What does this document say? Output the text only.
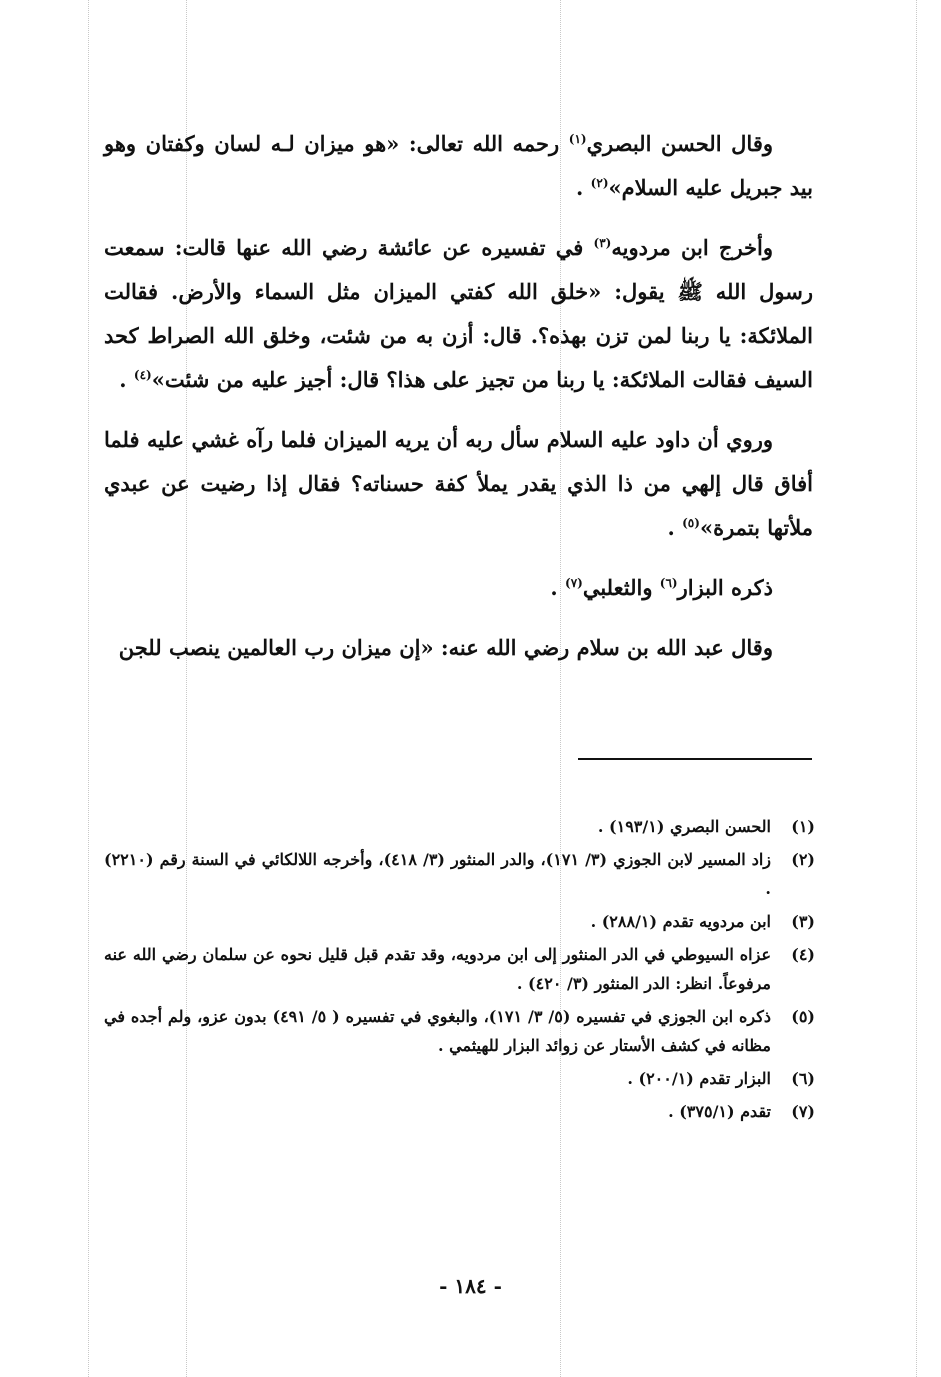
وقال الحسن البصري$^{(١)}$ رحمه الله تعالى: «هو ميزان لـه لسان وكفتان وهو بيد جبريل عليه السلام»$^{(٢)}$ .

وأخرج ابن مردويه$^{(٣)}$ في تفسيره عن عائشة رضي الله عنها قالت: سمعت رسول الله ﷺ يقول: «خلق الله كفتي الميزان مثل السماء والأرض. فقالت الملائكة: يا ربنا لمن تزن بهذه؟. قال: أزن به من شئت، وخلق الله الصراط كحد السيف فقالت الملائكة: يا ربنا من تجيز على هذا؟ قال: أجيز عليه من شئت»$^{(٤)}$ .

وروي أن داود عليه السلام سأل ربه أن يريه الميزان فلما رآه غشي عليه فلما أفاق قال إلهي من ذا الذي يقدر يملأ كفة حسناته؟ فقال إذا رضيت عن عبدي ملأتها بتمرة»$^{(٥)}$ .

ذكره البزار$^{(٦)}$ والثعلبي$^{(٧)}$ .

وقال عبد الله بن سلام رضي الله عنه: «إن ميزان رب العالمين ينصب للجن

(١)
الحسن البصري (١٩٣/١) .
(٢)
زاد المسير لابن الجوزي (٣/ ١٧١)، والدر المنثور (٣/ ٤١٨)، وأخرجه اللالكائي في السنة رقم (٢٢١٠) .
(٣)
ابن مردويه تقدم (٢٨٨/١) .
(٤)
عزاه السيوطي في الدر المنثور إلى ابن مردويه، وقد تقدم قبل قليل نحوه عن سلمان رضي الله عنه مرفوعاً. انظر: الدر المنثور (٣/ ٤٢٠) .
(٥)
ذكره ابن الجوزي في تفسيره (٥/ ٣/ ١٧١)، والبغوي في تفسيره ( ٥/ ٤٩١) بدون عزو، ولم أجده في مظانه في كشف الأستار عن زوائد البزار للهيثمي .
(٦)
البزار تقدم (٢٠٠/١) .
(٧)
تقدم (٣٧٥/١) .
- ١٨٤ -
